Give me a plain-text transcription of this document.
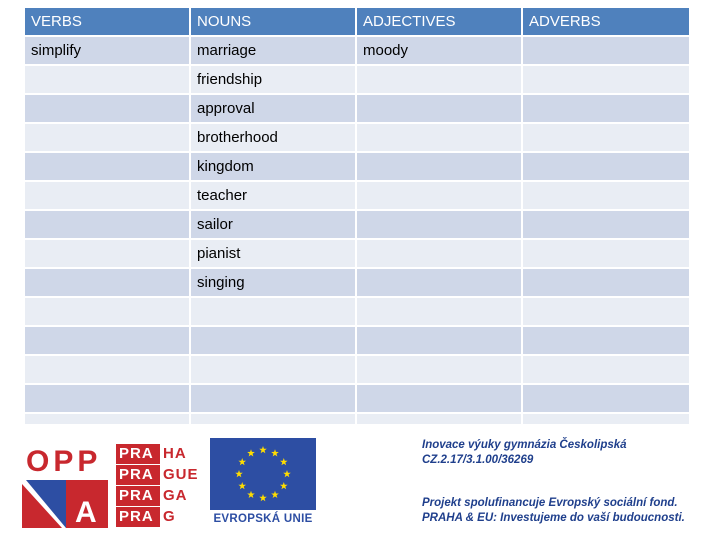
VERBS	NOUNS	ADJECTIVES	ADVERBS
simplify	marriage	moody	
	friendship		
	approval		
	brotherhood		
	kingdom		
	teacher		
	sailor		
	pianist		
	singing		

OPP
A
PRA HA
PRA GUE
PRA GA
PRA G	EVROPSKÁ UNIE

Inovace výuky gymnázia Českolipská

CZ.2.17/3.1.00/36269

Projekt spolufinancuje Evropský sociální fond.

PRAHA & EU: Investujeme do vaší budoucnosti.
